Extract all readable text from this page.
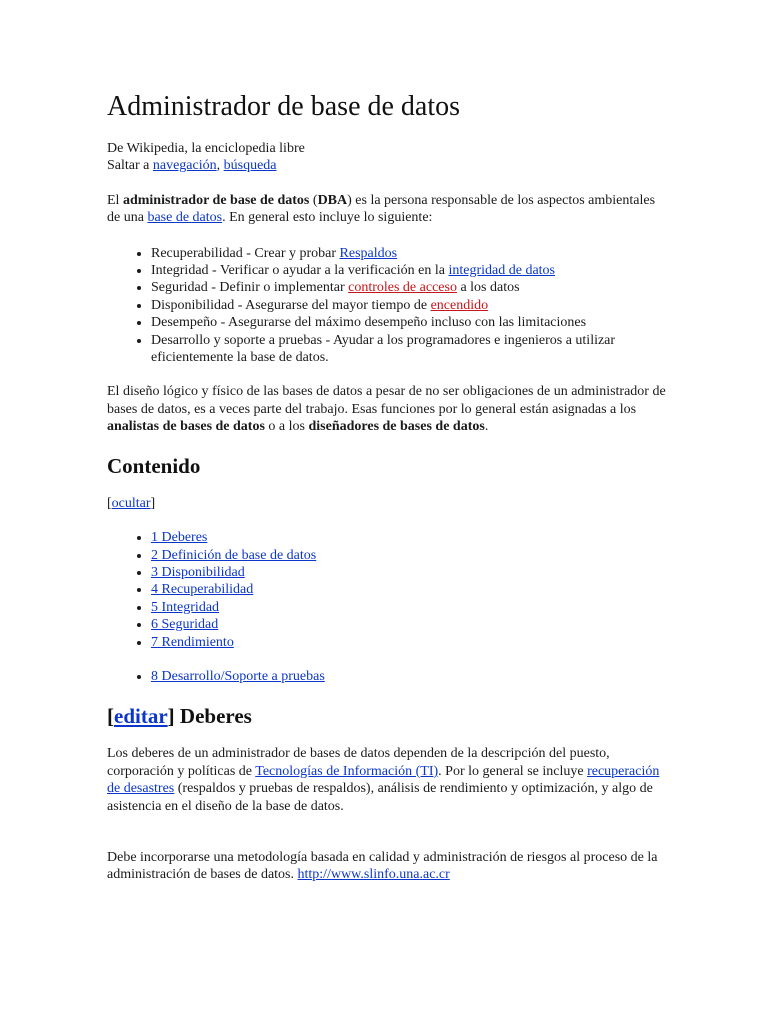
Administrador de base de datos

De Wikipedia, la enciclopedia libre
Saltar a navegación, búsqueda

El administrador de base de datos (DBA) es la persona responsable de los aspectos ambientales de una base de datos. En general esto incluye lo siguiente:

• Recuperabilidad - Crear y probar Respaldos
• Integridad - Verificar o ayudar a la verificación en la integridad de datos
• Seguridad - Definir o implementar controles de acceso a los datos
• Disponibilidad - Asegurarse del mayor tiempo de encendido
• Desempeño - Asegurarse del máximo desempeño incluso con las limitaciones
• Desarrollo y soporte a pruebas - Ayudar a los programadores e ingenieros a utilizar eficientemente la base de datos.

El diseño lógico y físico de las bases de datos a pesar de no ser obligaciones de un administrador de bases de datos, es a veces parte del trabajo. Esas funciones por lo general están asignadas a los analistas de bases de datos o a los diseñadores de bases de datos.

Contenido

[ocultar]

• 1 Deberes
• 2 Definición de base de datos
• 3 Disponibilidad
• 4 Recuperabilidad
• 5 Integridad
• 6 Seguridad
• 7 Rendimiento
• 8 Desarrollo/Soporte a pruebas
[editar] Deberes

Los deberes de un administrador de bases de datos dependen de la descripción del puesto, corporación y políticas de Tecnologías de Información (TI). Por lo general se incluye recuperación de desastres (respaldos y pruebas de respaldos), análisis de rendimiento y optimización, y algo de asistencia en el diseño de la base de datos.

Debe incorporarse una metodología basada en calidad y administración de riesgos al proceso de la administración de bases de datos. http://www.slinfo.una.ac.cr
